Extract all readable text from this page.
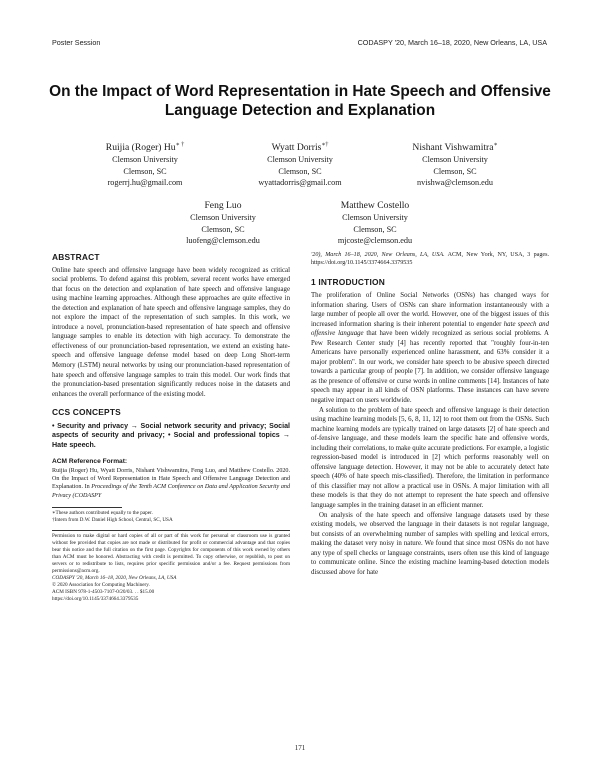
Poster Session	CODASPY '20, March 16–18, 2020, New Orleans, LA, USA
On the Impact of Word Representation in Hate Speech and Offensive Language Detection and Explanation
Ruijia (Roger) Hu∗ †
Clemson University
Clemson, SC
rogerrj.hu@gmail.com
Wyatt Dorris∗†
Clemson University
Clemson, SC
wyattadorris@gmail.com
Nishant Vishwamitra∗
Clemson University
Clemson, SC
nvishwa@clemson.edu
Feng Luo
Clemson University
Clemson, SC
luofeng@clemson.edu
Matthew Costello
Clemson University
Clemson, SC
mjcoste@clemson.edu
ABSTRACT

Online hate speech and offensive language have been widely recognized as critical social problems. To defend against this problem, several recent works have emerged that focus on the detection and explanation of hate speech and offensive language using machine learning approaches. Although these approaches are quite effective in the detection and explanation of hate speech and offensive language samples, they do not explore the impact of the representation of such samples. In this work, we introduce a novel, pronunciation-based representation of hate speech and offensive language samples to enable its detection with high accuracy. To demonstrate the effectiveness of our pronunciation-based representation, we extend an existing hate-speech and offensive language defense model based on deep Long Short-term Memory (LSTM) neural networks by using our pronunciation-based representation of hate speech and offensive language samples to train this model. Our work finds that the pronunciation-based presentation significantly reduces noise in the datasets and enhances the overall performance of the existing model.

CCS CONCEPTS
• Security and privacy → Social network security and privacy; Social aspects of security and privacy; • Social and professional topics → Hate speech.
ACM Reference Format:

Ruijia (Roger) Hu, Wyatt Dorris, Nishant Vishwamitra, Feng Luo, and Matthew Costello. 2020. On the Impact of Word Representation in Hate Speech and Offensive Language Detection and Explanation. In Proceedings of the Tenth ACM Conference on Data and Application Security and Privacy (CODASPY

∗These authors contributed equally to the paper.
†Intern from D.W. Daniel High School, Central, SC, USA
Permission to make digital or hard copies of all or part of this work for personal or classroom use is granted without fee provided that copies are not made or distributed for profit or commercial advantage and that copies bear this notice and the full citation on the first page. Copyrights for components of this work owned by others than ACM must be honored. Abstracting with credit is permitted. To copy otherwise, or republish, to post on servers or to redistribute to lists, requires prior specific permission and/or a fee. Request permissions from permissions@acm.org.
CODASPY '20, March 16–18, 2020, New Orleans, LA, USA
© 2020 Association for Computing Machinery.
ACM ISBN 978-1-4503-7107-0/20/03. . . $15.00
https://doi.org/10.1145/3374664.3379535

'20), March 16–18, 2020, New Orleans, LA, USA. ACM, New York, NY, USA, 3 pages. https://doi.org/10.1145/3374664.3379535

1 INTRODUCTION

The proliferation of Online Social Networks (OSNs) has changed ways for information sharing. Users of OSNs can share information instantaneously with a large number of people all over the world. However, one of the biggest issues of this increased information sharing is their inherent potential to engender hate speech and offensive language that have been widely recognized as serious social problems. A Pew Research Center study [4] has recently reported that "roughly four-in-ten Americans have personally experienced online harassment, and 63% consider it a major problem". In our work, we consider hate speech to be abusive speech directed towards a particular group of people [7]. In addition, we consider offensive language as the presence of offensive or curse words in online comments [14]. Instances of hate speech may appear in all kinds of OSN platforms. These instances can have severe negative impact on users worldwide.

A solution to the problem of hate speech and offensive language is their detection using machine learning models [5, 6, 8, 11, 12] to root them out from the OSNs. Such machine learning models are typically trained on large datasets [2] of hate speech and of-fensive language, and these models learn the specific hate and offensive words, including their correlations, to make quite accurate predictions. For example, a logistic regression-based model is introduced in [2] which performs reasonably well on offensive language detection. However, it may not be able to accurately detect hate speech (40% of hate speech mis-classified). Therefore, the limitation in performance of this classifier may not allow a practical use in OSNs. A major limitation with all these models is that they do not attempt to represent the hate speech and offensive language samples in the training dataset in an efficient manner.

On analysis of the hate speech and offensive language datasets used by these existing models, we observed the language in their datasets is not regular language, but consists of an overwhelming number of samples with spelling and lexical errors, making the dataset very noisy in nature. We found that since most OSNs do not have any type of spell checks or language constraints, users often use this kind of language to communicate online. Since the existing machine learning-based detection models discussed above for hate

171
